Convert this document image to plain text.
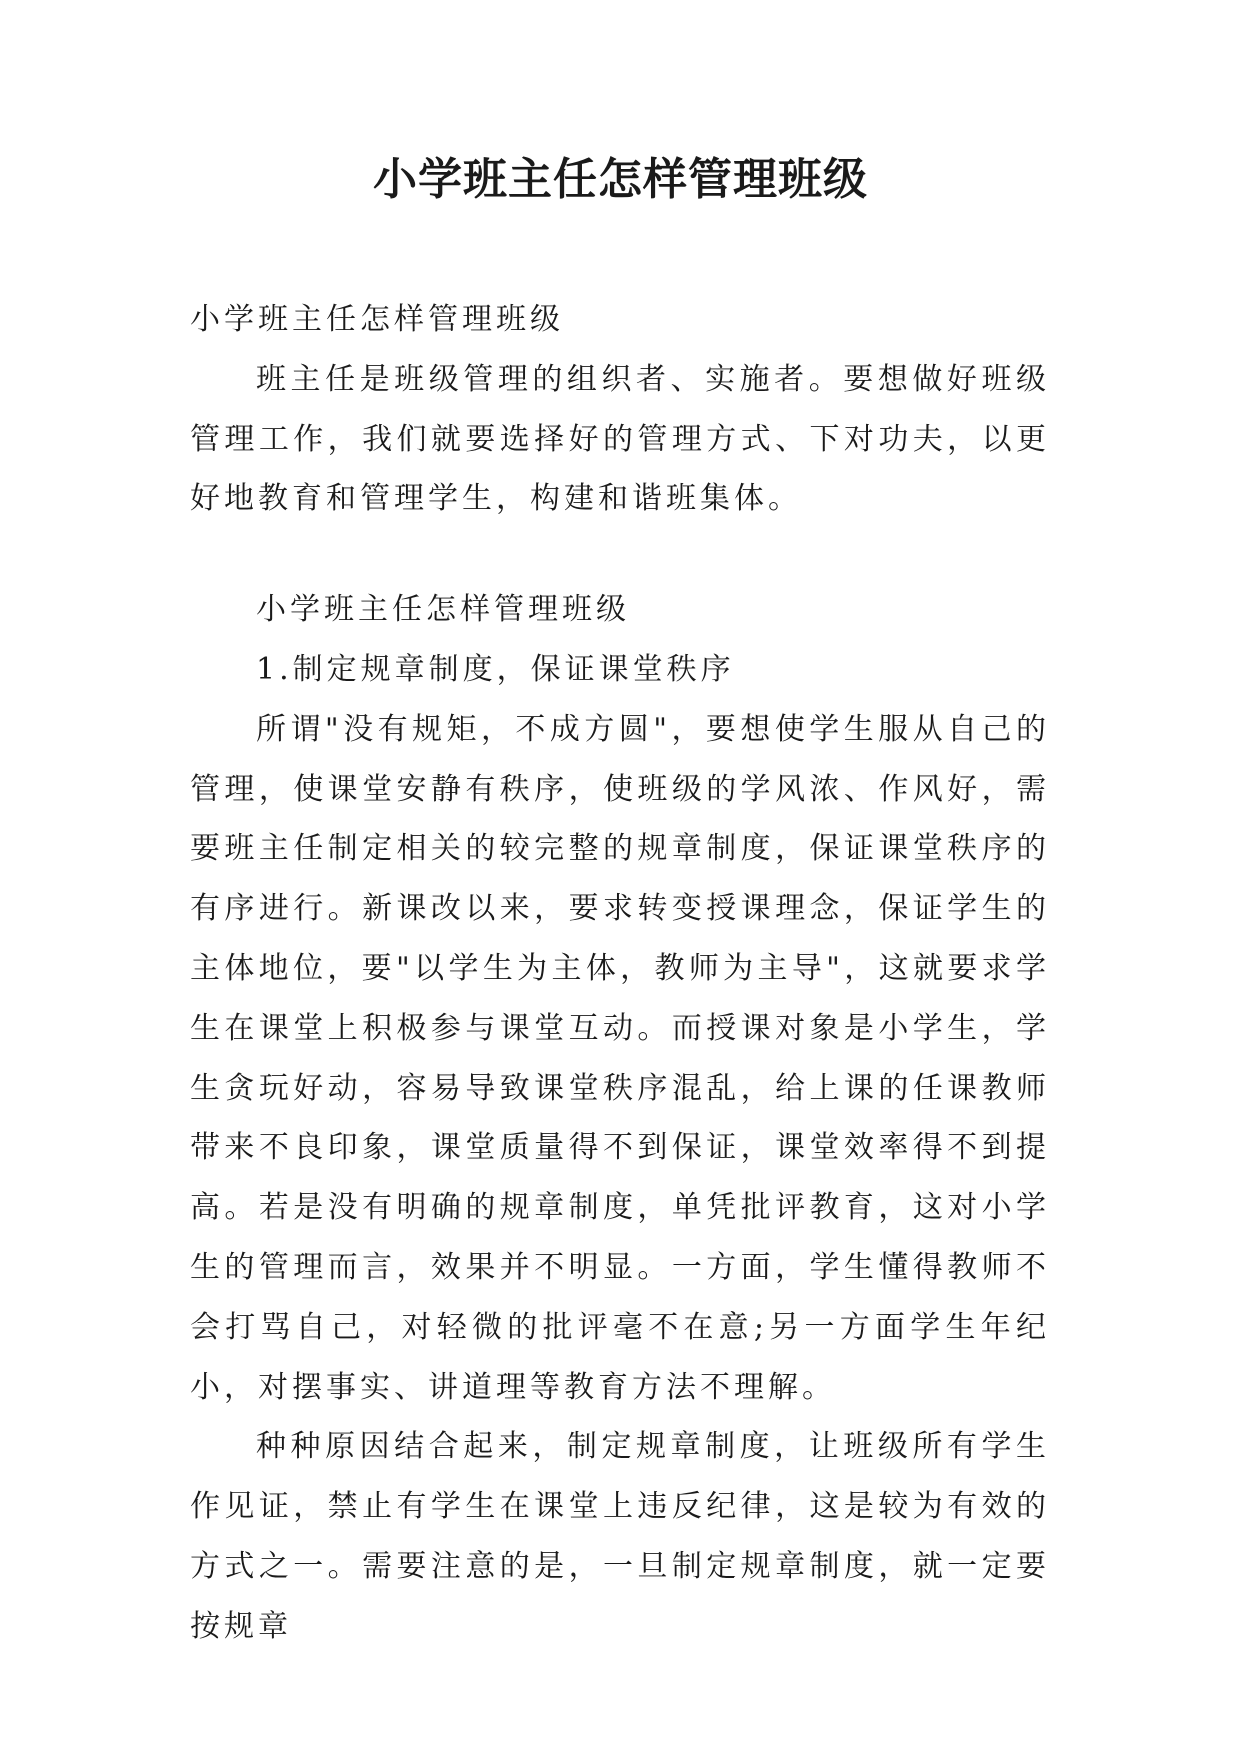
小学班主任怎样管理班级

小学班主任怎样管理班级

班主任是班级管理的组织者、实施者。要想做好班级管理工作，我们就要选择好的管理方式、下对功夫，以更好地教育和管理学生，构建和谐班集体。

小学班主任怎样管理班级

1.制定规章制度，保证课堂秩序

所谓"没有规矩，不成方圆"，要想使学生服从自己的管理，使课堂安静有秩序，使班级的学风浓、作风好，需要班主任制定相关的较完整的规章制度，保证课堂秩序的有序进行。新课改以来，要求转变授课理念，保证学生的主体地位，要"以学生为主体，教师为主导"，这就要求学生在课堂上积极参与课堂互动。而授课对象是小学生，学生贪玩好动，容易导致课堂秩序混乱，给上课的任课教师带来不良印象，课堂质量得不到保证，课堂效率得不到提高。若是没有明确的规章制度，单凭批评教育，这对小学生的管理而言，效果并不明显。一方面，学生懂得教师不会打骂自己，对轻微的批评毫不在意;另一方面学生年纪小，对摆事实、讲道理等教育方法不理解。

种种原因结合起来，制定规章制度，让班级所有学生作见证，禁止有学生在课堂上违反纪律，这是较为有效的方式之一。需要注意的是，一旦制定规章制度，就一定要按规章
